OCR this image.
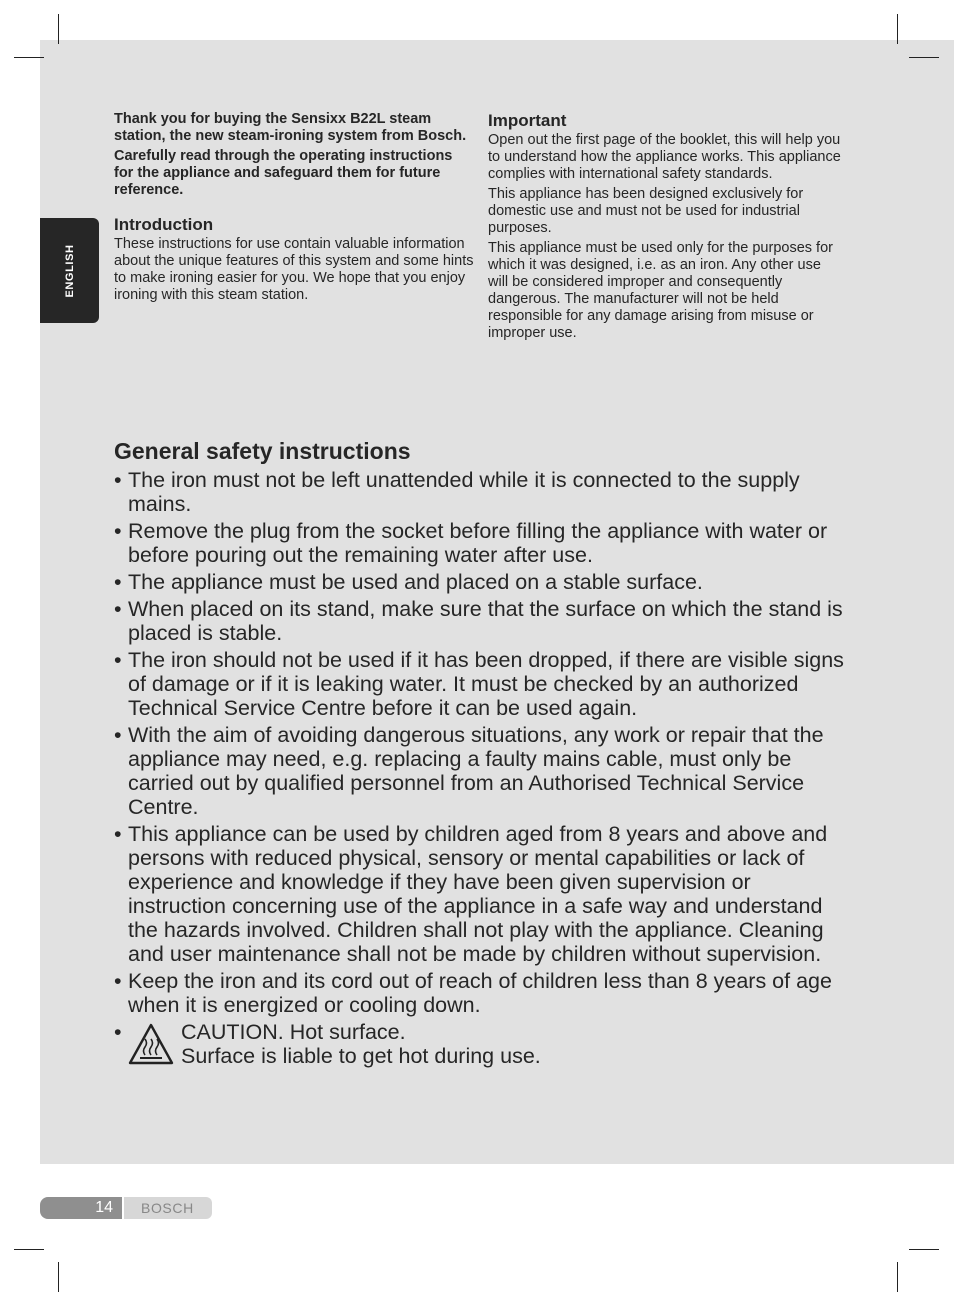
ENGLISH

Thank you for buying the Sensixx B22L steam station, the new steam-ironing system from Bosch.

Carefully read through the operating instructions for the appliance and safeguard them for future reference.

Introduction

These instructions for use contain valuable information about the unique features of this system and some hints to make ironing easier for you. We hope that you enjoy ironing with this steam station.

Important

Open out the first page of the booklet, this will help you to understand how the appliance works. This appliance complies with international safety standards.

This appliance has been designed exclusively for domestic use and must not be used for industrial purposes.

This appliance must be used only for the purposes for which it was designed, i.e. as an iron. Any other use will be considered improper and consequently dangerous. The manufacturer will not be held responsible for any damage arising from misuse or improper use.

General safety instructions
• The iron must not be left unattended while it is connected to the supply mains.
• Remove the plug from the socket before filling the appliance with water or before pouring out the remaining water after use.
• The appliance must be used and placed on a stable surface.
• When placed on its stand, make sure that the surface on which the stand is placed is stable.
• The iron should not be used if it has been dropped, if there are visible signs of damage or if it is leaking water. It must be checked by an authorized Technical Service Centre before it can be used again.
• With the aim of avoiding dangerous situations, any work or repair that the appliance may need, e.g. replacing a faulty mains cable, must only be carried out by qualified personnel from an Authorised Technical Service Centre.
• This appliance can be used by children aged from 8 years and above and persons with reduced physical, sensory or mental capabilities or lack of experience and knowledge if they have been given supervision or instruction concerning use of the appliance in a safe way and understand the hazards involved. Children shall not play with the appliance. Cleaning and user maintenance shall not be made by children without supervision.
• Keep the iron and its cord out of reach of children less than 8 years of age when it is energized or cooling down.
•	CAUTION. Hot surface.
Surface is liable to get hot during use.
14	BOSCH
